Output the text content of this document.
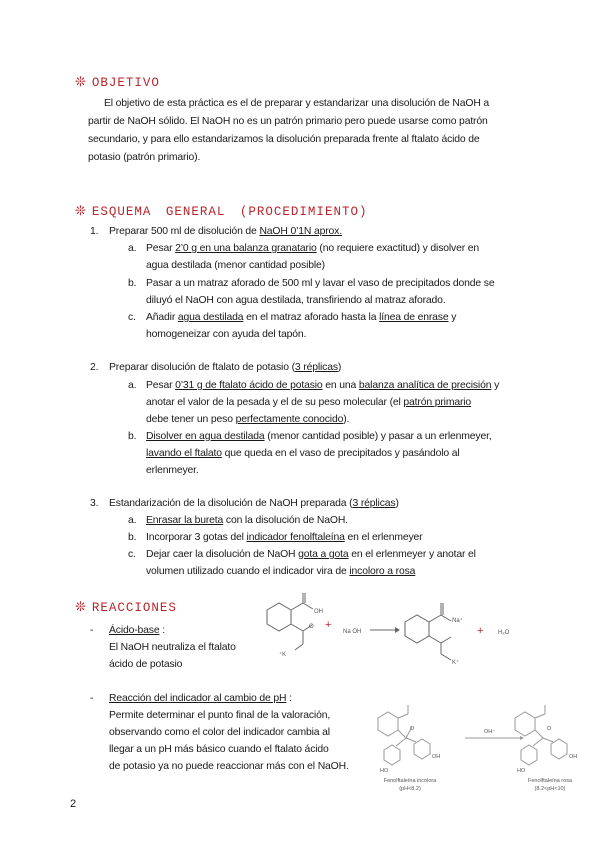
❊ OBJETIVO
El objetivo de esta práctica es el de preparar y estandarizar una disolución de NaOH a
partir de NaOH sólido. El NaOH no es un patrón primario pero puede usarse como patrón
secundario, y para ello estandarizamos la disolución preparada frente al ftalato ácido de
potasio (patrón primario).
❊ ESQUEMA GENERAL (PROCEDIMIENTO)
1. Preparar 500 ml de disolución de NaOH 0’1N aprox.
a. Pesar 2’0 g en una balanza granatario (no requiere exactitud) y disolver en
agua destilada (menor cantidad posible)
b. Pasar a un matraz aforado de 500 ml y lavar el vaso de precipitados donde se
diluyó el NaOH con agua destilada, transfiriendo al matraz aforado.
c. Añadir agua destilada en el matraz aforado hasta la línea de enrase y
homogeneizar con ayuda del tapón.
2. Preparar disolución de ftalato de potasio (3 réplicas)
a. Pesar 0’31 g de ftalato ácido de potasio en una balanza analítica de precisión y
anotar el valor de la pesada y el de su peso molecular (el patrón primario
debe tener un peso perfectamente conocido).
b. Disolver en agua destilada (menor cantidad posible) y pasar a un erlenmeyer,
lavando el ftalato que queda en el vaso de precipitados y pasándolo al
erlenmeyer.
3. Estandarización de la disolución de NaOH preparada (3 réplicas)
a. Enrasar la bureta con la disolución de NaOH.
b. Incorporar 3 gotas del indicador fenolftaleína en el erlenmeyer
c. Dejar caer la disolución de NaOH gota a gota en el erlenmeyer y anotar el
volumen utilizado cuando el indicador vira de incoloro a rosa
❊ REACCIONES
- Ácido-base :
El NaOH neutraliza el ftalato
ácido de potasio
- Reacción del indicador al cambio de pH :
Permite determinar el punto final de la valoración,
observando como el color del indicador cambia al
llegar a un pH más básico cuando el ftalato ácido
de potasio ya no puede reaccionar más con el NaOH.
OH
O
⁺K
+
Na OH
Na⁺
K⁺
+ H₂O
O
OH
HO
OH⁻	O
OH
HO
Fenolftaleína incolora
(pH<8.2)
Fenolftaleína rosa
(8.2<pH<10)
2
